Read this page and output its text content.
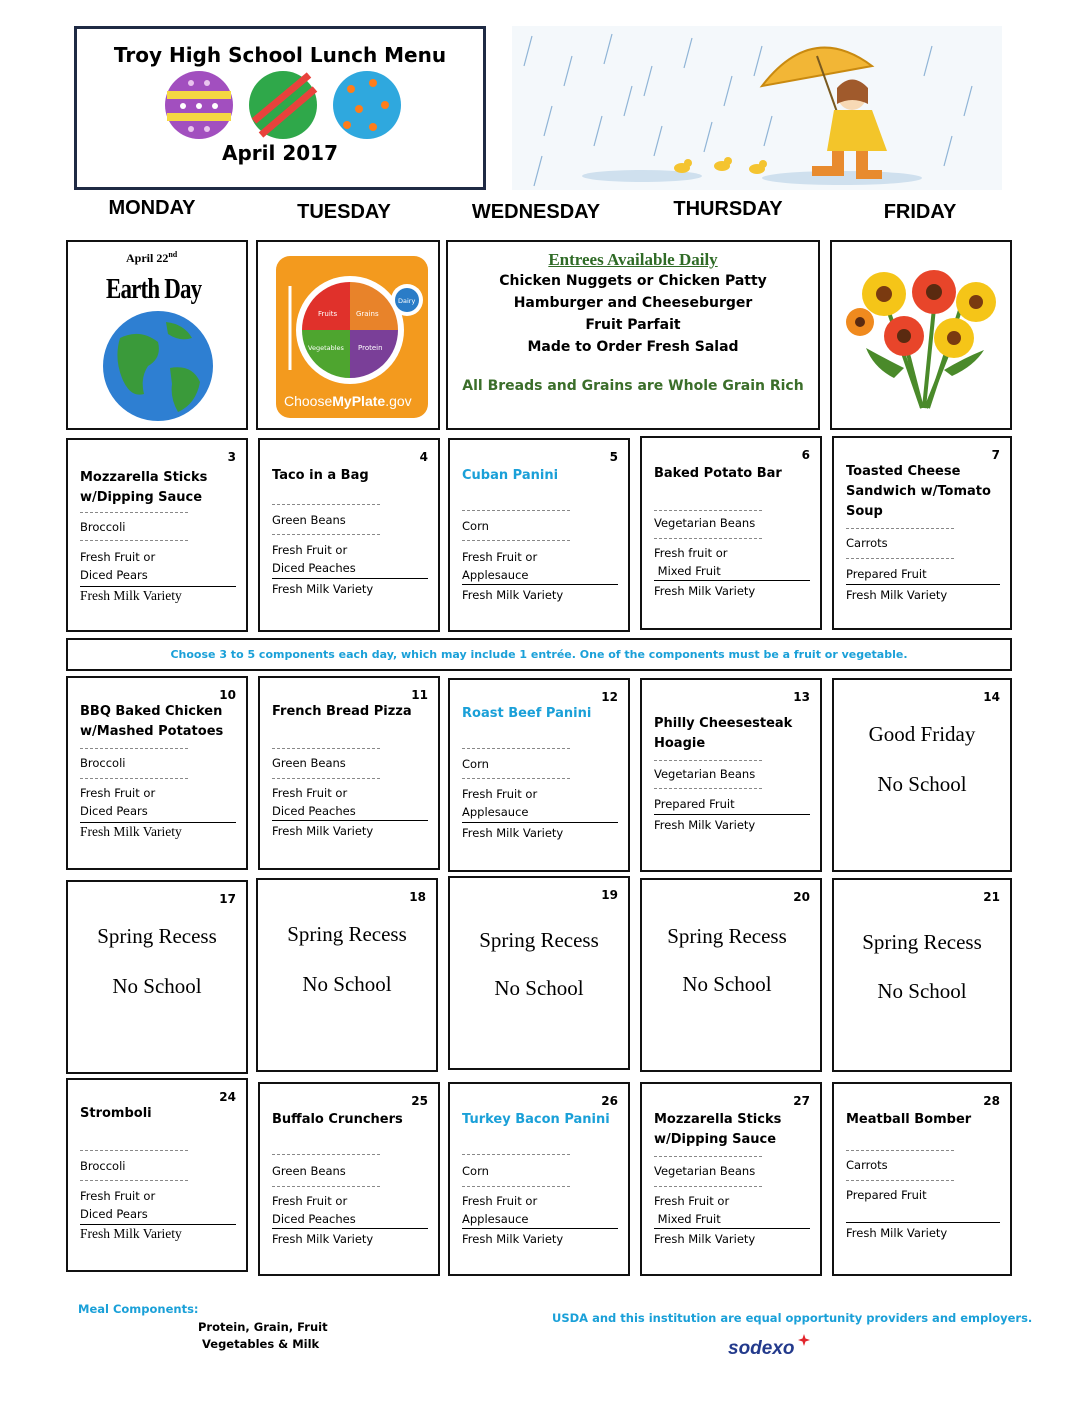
Troy High School Lunch Menu
April 2017
MONDAY	TUESDAY	WEDNESDAY	THURSDAY	FRIDAY
April 22nd
Earth Day
Fruits	Grains
Vegetables Protein
Dairy
ChooseMyPlate.gov
Entrees Available Daily
Chicken Nuggets or Chicken Patty
Hamburger and Cheeseburger
Fruit Parfait
Made to Order Fresh Salad
All Breads and Grains are Whole Grain Rich
3
Mozzarella Sticks
w/Dipping Sauce
Broccoli
Fresh Fruit or
Diced Pears
Fresh Milk Variety
4
Taco in a Bag
Green Beans
Fresh Fruit or
Diced Peaches
Fresh Milk Variety
5
Cuban Panini
Corn
Fresh Fruit or
Applesauce
Fresh Milk Variety
6
Baked Potato Bar
Vegetarian Beans
Fresh fruit or
Mixed Fruit
Fresh Milk Variety
7
Toasted Cheese
Sandwich w/Tomato
Soup
Carrots
Prepared Fruit
Fresh Milk Variety
Choose 3 to 5 components each day, which may include 1 entrée. One of the components must be a fruit or vegetable.
10
BBQ Baked Chicken
w/Mashed Potatoes
Broccoli
Fresh Fruit or
Diced Pears
Fresh Milk Variety
11
French Bread Pizza
Green Beans
Fresh Fruit or
Diced Peaches
Fresh Milk Variety
12
Roast Beef Panini
Corn
Fresh Fruit or
Applesauce
Fresh Milk Variety
13
Philly Cheesesteak
Hoagie
Vegetarian Beans
Prepared Fruit
Fresh Milk Variety
14
Good Friday
No School
17
Spring Recess
No School
18
Spring Recess
No School
19
Spring Recess
No School
20
Spring Recess
No School
21
Spring Recess
No School
24
Stromboli
Broccoli
Fresh Fruit or
Diced Pears
Fresh Milk Variety
25
Buffalo Crunchers
Green Beans
Fresh Fruit or
Diced Peaches
Fresh Milk Variety
26
Turkey Bacon Panini
Corn
Fresh Fruit or
Applesauce
Fresh Milk Variety
27
Mozzarella Sticks
w/Dipping Sauce
Vegetarian Beans
Fresh Fruit or
Mixed Fruit
Fresh Milk Variety
28
Meatball Bomber
Carrots
Prepared Fruit
Fresh Milk Variety
Meal Components:
Protein, Grain, Fruit
Vegetables & Milk
USDA and this institution are equal opportunity providers and employers.
sodexo
